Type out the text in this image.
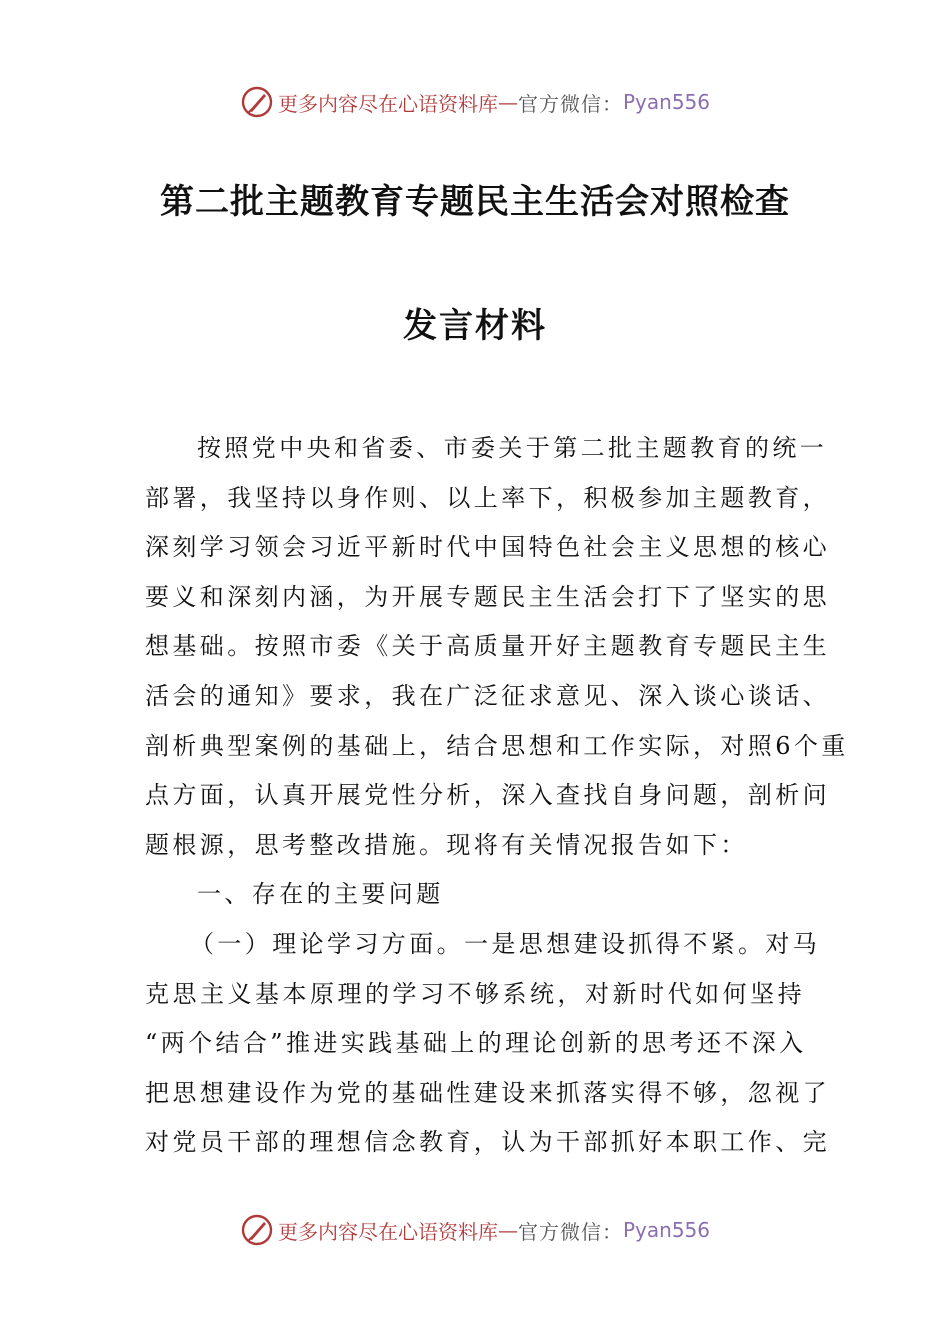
更多内容尽在心语资料库 — 官方微信： Pyan556
第二批主题教育专题民主生活会对照检查
发言材料
按照党中央和省委、市委关于第二批主题教育的统一
部署，我坚持以身作则、以上率下，积极参加主题教育，
深刻学习领会习近平新时代中国特色社会主义思想的核心
要义和深刻内涵，为开展专题民主生活会打下了坚实的思
想基础。按照市委《关于高质量开好主题教育专题民主生
活会的通知》要求，我在广泛征求意见、深入谈心谈话、
剖析典型案例的基础上，结合思想和工作实际，对照6个重
点方面，认真开展党性分析，深入查找自身问题，剖析问
题根源，思考整改措施。现将有关情况报告如下：
一、存在的主要问题
（一）理论学习方面。一是思想建设抓得不紧。对马
克思主义基本原理的学习不够系统，对新时代如何坚持
“两个结合”推进实践基础上的理论创新的思考还不深入
把思想建设作为党的基础性建设来抓落实得不够，忽视了
对党员干部的理想信念教育，认为干部抓好本职工作、完
更多内容尽在心语资料库 — 官方微信： Pyan556
